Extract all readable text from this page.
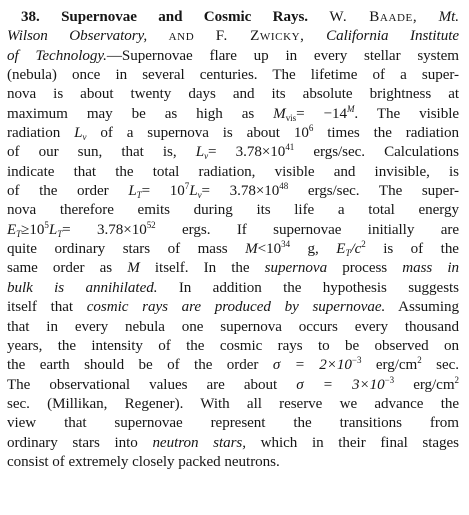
38. Supernovae and Cosmic Rays. W. Baade, Mt.
Wilson Observatory, and F. Zwicky, California Institute
of Technology.—Supernovae flare up in every stellar system
(nebula) once in several centuries. The lifetime of a super-
nova is about twenty days and its absolute brightness at
maximum may be as high as $M_{vis}= -14^M$. The visible
radiation $L_\nu$ of a supernova is about $10^6$ times the radiation
of our sun, that is, $L_\nu= 3.78\times 10^{41}$ ergs/sec. Calculations
indicate that the total radiation, visible and invisible, is
of the order $L_T= 10^7L_\nu= 3.78\times 10^{48}$ ergs/sec. The super-
nova therefore emits during its life a total energy
$E_T\ge 10^5L_T= 3.78\times 10^{52}$ ergs. If supernovae initially are
quite ordinary stars of mass $M<10^{34}$ g, $E_T/c^2$ is of the
same order as M itself. In the supernova process mass in
bulk is annihilated. In addition the hypothesis suggests
itself that cosmic rays are produced by supernovae. Assuming
that in every nebula one supernova occurs every thousand
years, the intensity of the cosmic rays to be observed on
the earth should be of the order $\sigma = 2\times 10^{-3}$ erg/$cm^2$ sec.
The observational values are about $\sigma = 3\times 10^{-3}$ erg/$cm^2$
sec. (Millikan, Regener). With all reserve we advance the
view that supernovae represent the transitions from
ordinary stars into neutron stars, which in their final stages
consist of extremely closely packed neutrons.
